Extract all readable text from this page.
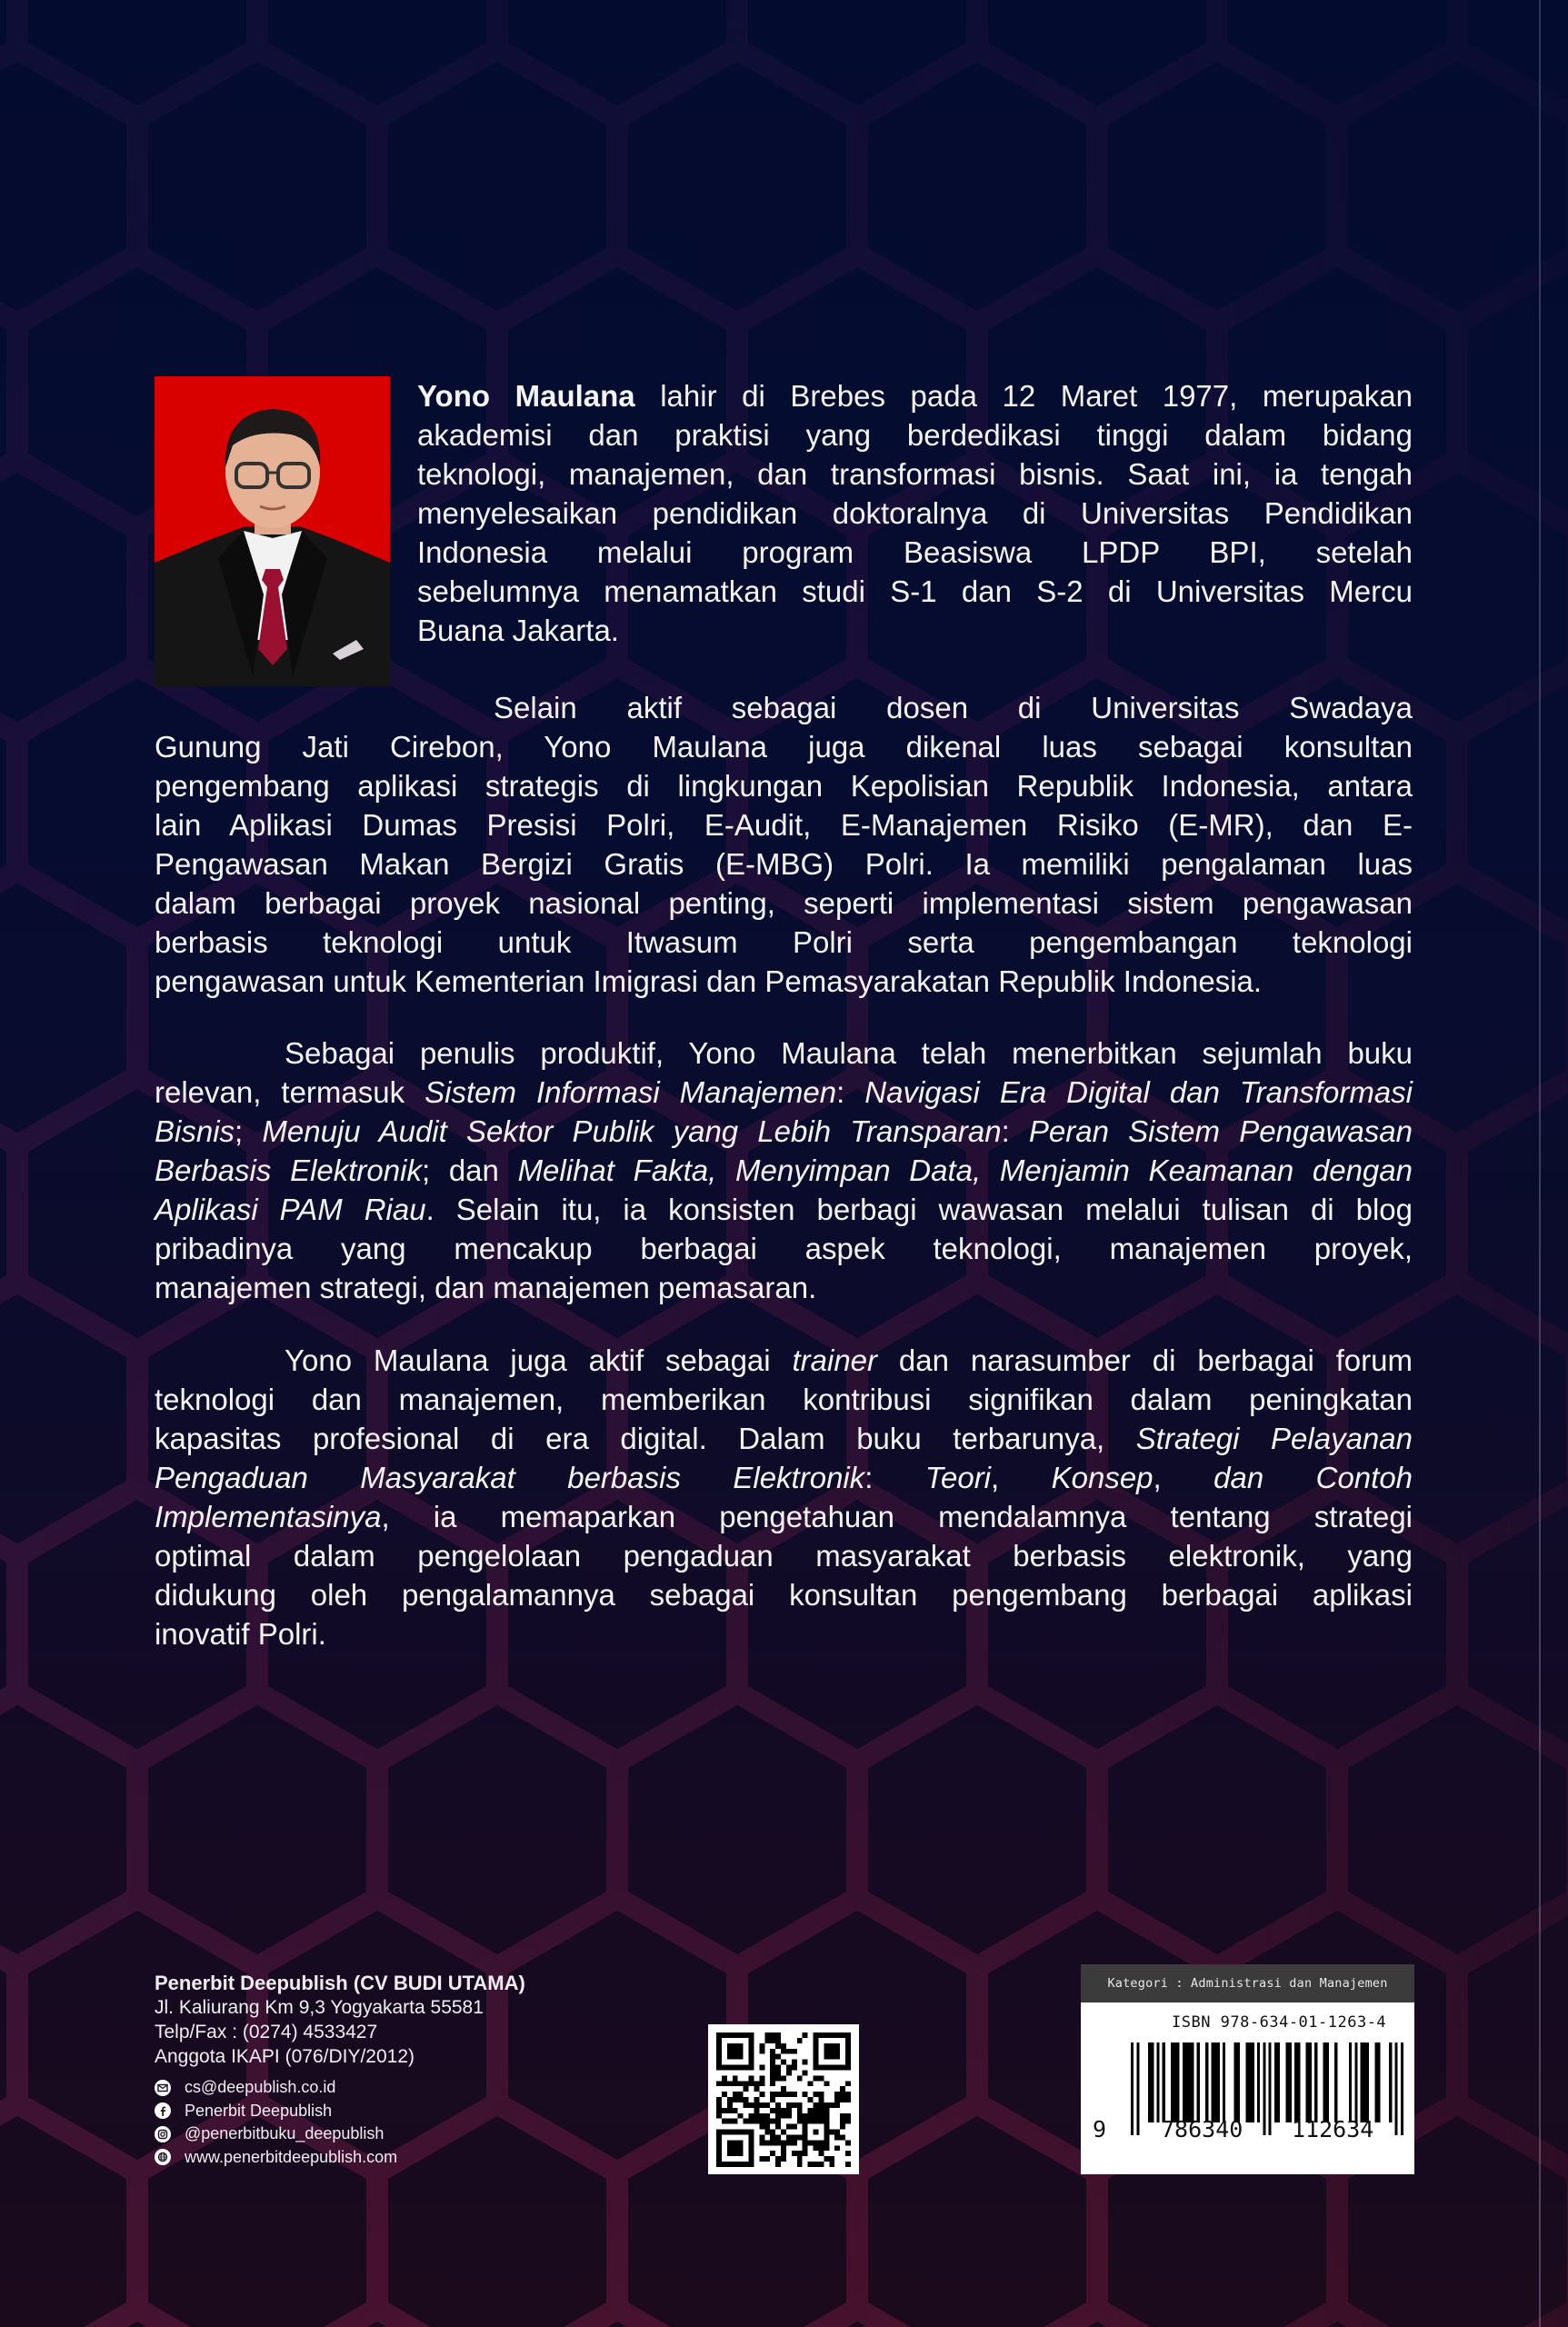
Yono Maulana lahir di Brebes pada 12 Maret 1977, merupakan
akademisi dan praktisi yang berdedikasi tinggi dalam bidang
teknologi, manajemen, dan transformasi bisnis. Saat ini, ia tengah
menyelesaikan pendidikan doktoralnya di Universitas Pendidikan
Indonesia melalui program Beasiswa LPDP BPI, setelah
sebelumnya menamatkan studi S-1 dan S-2 di Universitas Mercu
Buana Jakarta.
Selain aktif sebagai dosen di Universitas Swadaya
Gunung Jati Cirebon, Yono Maulana juga dikenal luas sebagai konsultan
pengembang aplikasi strategis di lingkungan Kepolisian Republik Indonesia, antara
lain Aplikasi Dumas Presisi Polri, E-Audit, E-Manajemen Risiko (E-MR), dan E-
Pengawasan Makan Bergizi Gratis (E-MBG) Polri. Ia memiliki pengalaman luas
dalam berbagai proyek nasional penting, seperti implementasi sistem pengawasan
berbasis teknologi untuk Itwasum Polri serta pengembangan teknologi
pengawasan untuk Kementerian Imigrasi dan Pemasyarakatan Republik Indonesia.
Sebagai penulis produktif, Yono Maulana telah menerbitkan sejumlah buku
relevan, termasuk Sistem Informasi Manajemen: Navigasi Era Digital dan Transformasi
Bisnis; Menuju Audit Sektor Publik yang Lebih Transparan: Peran Sistem Pengawasan
Berbasis Elektronik; dan Melihat Fakta, Menyimpan Data, Menjamin Keamanan dengan
Aplikasi PAM Riau. Selain itu, ia konsisten berbagi wawasan melalui tulisan di blog
pribadinya yang mencakup berbagai aspek teknologi, manajemen proyek,
manajemen strategi, dan manajemen pemasaran.
Yono Maulana juga aktif sebagai trainer dan narasumber di berbagai forum
teknologi dan manajemen, memberikan kontribusi signifikan dalam peningkatan
kapasitas profesional di era digital. Dalam buku terbarunya, Strategi Pelayanan
Pengaduan Masyarakat berbasis Elektronik: Teori, Konsep, dan Contoh
Implementasinya, ia memaparkan pengetahuan mendalamnya tentang strategi
optimal dalam pengelolaan pengaduan masyarakat berbasis elektronik, yang
didukung oleh pengalamannya sebagai konsultan pengembang berbagai aplikasi
inovatif Polri.
Penerbit Deepublish (CV BUDI UTAMA)
Jl. Kaliurang Km 9,3 Yogyakarta 55581
Telp/Fax : (0274) 4533427
Anggota IKAPI (076/DIY/2012)
cs@deepublish.co.id
Penerbit Deepublish
@penerbitbuku_deepublish
www.penerbitdeepublish.com
Kategori : Administrasi dan Manajemen
ISBN 978-634-01-1263-4
9 786340 112634
